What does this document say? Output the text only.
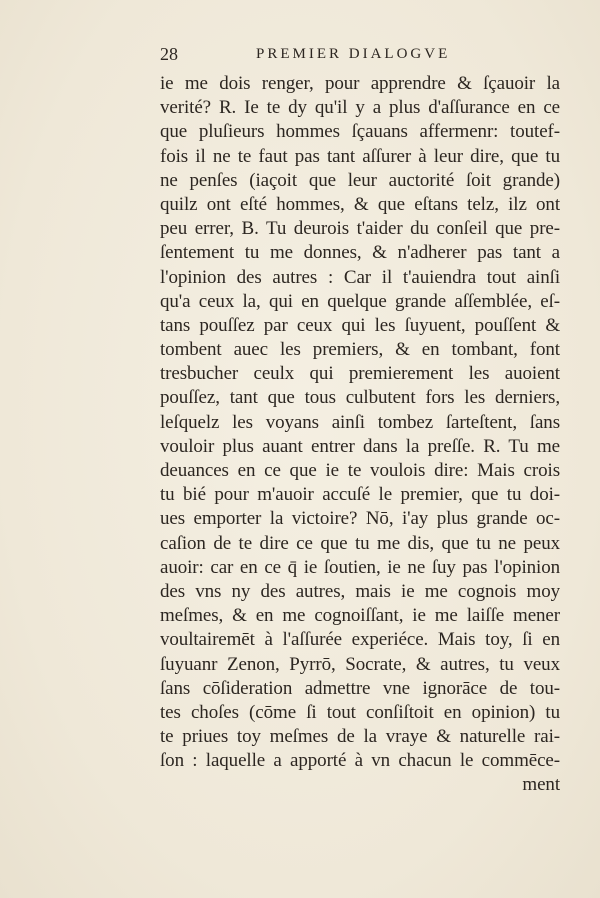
28	PREMIER DIALOGVE
ie me dois renger, pour apprendre & ſçauoir la
verité? R. Ie te dy qu'il y a plus d'aſſurance en ce
que pluſieurs hommes ſçauans affermenr: toutef-
fois il ne te faut pas tant aſſurer à leur dire, que tu
ne penſes (iaçoit que leur auctorité ſoit grande)
quilz ont eſté hommes, & que eſtans telz, ilz ont
peu errer, B. Tu deurois t'aider du conſeil que pre-
ſentement tu me donnes, & n'adherer pas tant a
l'opinion des autres : Car il t'auiendra tout ainſi
qu'a ceux la, qui en quelque grande aſſemblée, eſ-
tans pouſſez par ceux qui les ſuyuent, pouſſent &
tombent auec les premiers, & en tombant, font
tresbucher ceulx qui premierement les auoient
pouſſez, tant que tous culbutent fors les derniers,
leſquelz les voyans ainſi tombez ſarteſtent, ſans
vouloir plus auant entrer dans la preſſe. R. Tu me
deuances en ce que ie te voulois dire: Mais crois
tu bié pour m'auoir accuſé le premier, que tu doi-
ues emporter la victoire? Nō, i'ay plus grande oc-
caſion de te dire ce que tu me dis, que tu ne peux
auoir: car en ce q̄ ie ſoutien, ie ne ſuy pas l'opinion
des vns ny des autres, mais ie me cognois moy
meſmes, & en me cognoiſſant, ie me laiſſe mener
voultairemēt à l'aſſurée experiéce. Mais toy, ſi en
ſuyuanr Zenon, Pyrrō, Socrate, & autres, tu veux
ſans cōſideration admettre vne ignorāce de tou-
tes choſes (cōme ſi tout conſiſtoit en opinion) tu
te priues toy meſmes de la vraye & naturelle rai-
ſon : laquelle a apporté à vn chacun le commēce-
ment
